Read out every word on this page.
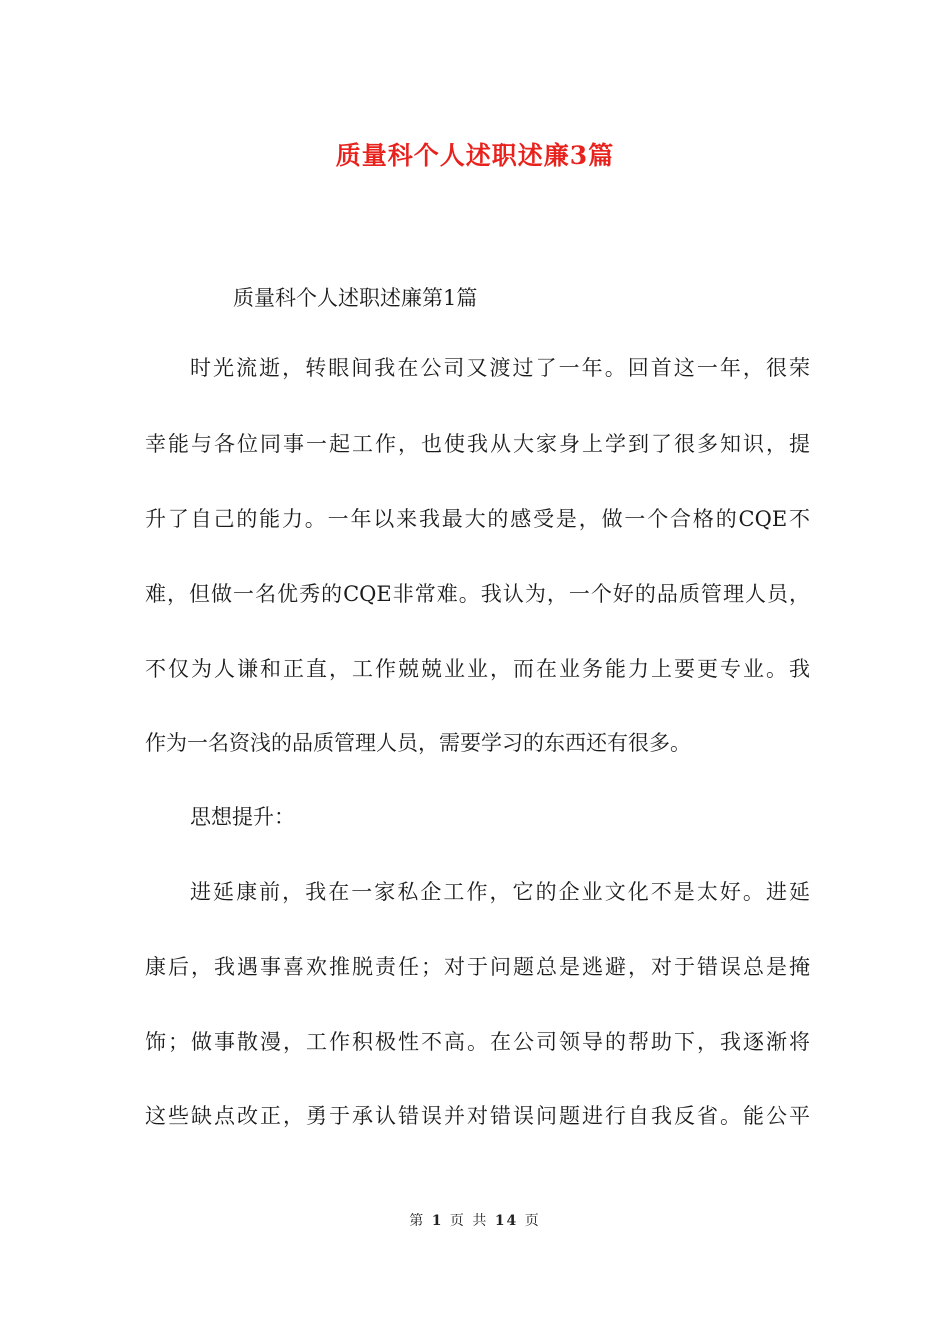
质量科个人述职述廉3篇
质量科个人述职述廉第1篇
时光流逝，转眼间我在公司又渡过了一年。回首这一年，很荣
幸能与各位同事一起工作，也使我从大家身上学到了很多知识，提
升了自己的能力。一年以来我最大的感受是，做一个合格的CQE不
难，但做一名优秀的CQE非常难。我认为，一个好的品质管理人员，
不仅为人谦和正直，工作兢兢业业，而在业务能力上要更专业。我
作为一名资浅的品质管理人员，需要学习的东西还有很多。
思想提升：
进延康前，我在一家私企工作，它的企业文化不是太好。进延
康后，我遇事喜欢推脱责任；对于问题总是逃避，对于错误总是掩
饰；做事散漫，工作积极性不高。在公司领导的帮助下，我逐渐将
这些缺点改正，勇于承认错误并对错误问题进行自我反省。能公平
第 1 页 共 14 页
